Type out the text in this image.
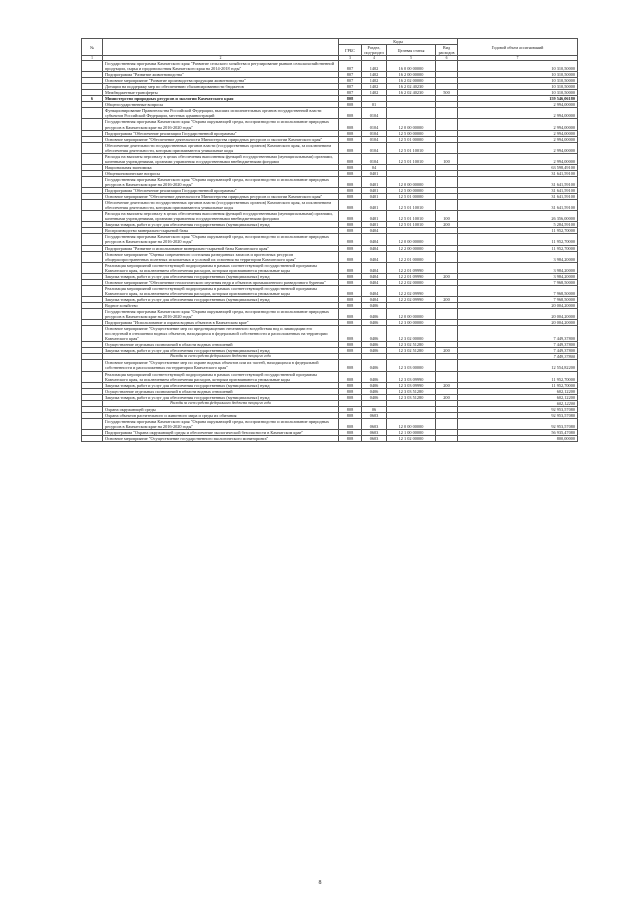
№		Коды				Годовой объем ассигнований
		ГРБС	Раздел, под-раздел	Целевая статья	Вид расходов	
1	2	3	4	5	6	7
	Государственная программа Камчатского края "Развитие сельского хозяйства и регулирование рынков сельскохозяйственной продукции, сырья и продовольствия Камчатского края на 2014-2018 годы"	807	1402	16 0 00 00000		10 310,50000
	Подпрограмма "Развитие животноводства"	807	1402	16 2 00 00000		10 310,50000
	Основное мероприятие "Развитие производства продукции животноводства"	807	1402	16 2 02 00000		10 310,50000
	Дотации на поддержку мер по обеспечению сбалансированности бюджетов	807	1402	16 2 02 40230		10 310,50000
	Межбюджетные трансферты	807	1402	16 2 02 40230	500	10 310,50000
6	Министерство природных ресурсов и экологии Камчатского края	808				159 546,06180
	Общегосударственные вопросы	808	01			2 994,00000
	Функционирование Правительства Российской Федерации, высших исполнительных органов государственной власти субъектов Российской Федерации, местных администраций	808	0104			2 994,00000
	Государственная программа Камчатского края "Охрана окружающей среды, воспроизводство и использование природных ресурсов в Камчатском крае на 2016-2020 годы"	808	0104	12 0 00 00000		2 994,00000
	Подпрограмма "Обеспечение реализации Государственной программы"	808	0104	12 5 00 00000		2 994,00000
	Основное мероприятие "Обеспечение деятельности Министерства природных ресурсов и экологии Камчатского края"	808	0104	12 5 01 00000		2 994,00000
	Обеспечение деятельности государственных органов власти (государственных органов) Камчатского края, за исключением обеспечения деятельности, которым присваиваются уникальные коды	808	0104	12 5 01 10010		2 994,00000
	Расходы на выплаты персоналу в целях обеспечения выполнения функций государственными (муниципальными) органами, казенными учреждениями, органами управления государственными внебюджетными фондами	808	0104	12 5 01 10010	100	2 994,00000
	Национальная экономика	808	04			63 598,49100
	Общеэкономические вопросы	808	0401			31 641,59100
	Государственная программа Камчатского края "Охрана окружающей среды, воспроизводство и использование природных ресурсов в Камчатском крае на 2016-2020 годы"	808	0401	12 0 00 00000		31 641,59100
	Подпрограмма "Обеспечение реализации Государственной программы"	808	0401	12 5 00 00000		31 641,59100
	Основное мероприятие "Обеспечение деятельности Министерства природных ресурсов и экологии Камчатского края"	808	0401	12 5 01 00000		31 641,59100
	Обеспечение деятельности государственных органов власти (государственных органов) Камчатского края, за исключением обеспечения деятельности, которым присваиваются уникальные коды	808	0401	12 5 01 10010		31 641,59100
	Расходы на выплаты персоналу в целях обеспечения выполнения функций государственными (муниципальными) органами, казенными учреждениями, органами управления государственными внебюджетными фондами	808	0401	12 5 01 10010	100	26 356,00000
	Закупка товаров, работ и услуг для обеспечения государственных (муниципальных) нужд	808	0401	12 5 01 10010	200	5 284,59100
	Воспроизводство минерально-сырьевой базы	808	0404			11 952,70000
	Государственная программа Камчатского края "Охрана окружающей среды, воспроизводство и использование природных ресурсов в Камчатском крае на 2016-2020 годы"	808	0404	12 0 00 00000		11 952,70000
	Подпрограмма "Развитие и использование минерально-сырьевой базы Камчатского края"	808	0404	12 2 00 00000		11 952,70000
	Основное мероприятие "Оценка современного состояния разведанных запасов и прогнозных ресурсов общераспространенных полезных ископаемых и условий их освоения на территории Камчатского края"	808	0404	12 2 01 00000		3 984,20000
	Реализация мероприятий соответствующей подпрограммы в рамках соответствующей государственной программы Камчатского края, за исключением обеспечения расходов, которым присваиваются уникальные коды	808	0404	12 2 01 09990		3 984,20000
	Закупка товаров, работ и услуг для обеспечения государственных (муниципальных) нужд	808	0404	12 2 01 09990	200	3 984,20000
	Основное мероприятие "Обеспечение геологического изучения недр и объектов промышленного разведочного бурения"	808	0404	12 2 02 00000		7 968,50000
	Реализация мероприятий соответствующей подпрограммы в рамках соответствующей государственной программы Камчатского края, за исключением обеспечения расходов, которым присваиваются уникальные коды	808	0404	12 2 02 09990		7 968,50000
	Закупка товаров, работ и услуг для обеспечения государственных (муниципальных) нужд	808	0404	12 2 02 09990	200	7 968,50000
	Водное хозяйство	808	0406			20 004,20000
	Государственная программа Камчатского края "Охрана окружающей среды, воспроизводство и использование природных ресурсов в Камчатском крае на 2016-2020 годы"	808	0406	12 0 00 00000		20 004,20000
	Подпрограмма "Использование и охрана водных объектов в Камчатском крае"	808	0406	12 3 00 00000		20 004,20000
	Основное мероприятие "Осуществление мер по предотвращению негативного воздействия вод и ликвидации его последствий в отношении водных объектов, находящихся в федеральной собственности и расположенных на территории Камчатского края"	808	0406	12 3 02 00000		7 449,37800
	Осуществление отдельных полномочий в области водных отношений	808	0406	12 3 02 51280		7 449,37800
	Закупка товаров, работ и услуг для обеспечения государственных (муниципальных) нужд	808	0406	12 3 02 51280	200	7 449,37800
	Расходы за счет средств федерального бюджета текущего года					7 449,37800
	Основное мероприятие "Осуществление мер по охране водных объектов или их частей, находящихся в федеральной собственности и расположенных на территории Камчатского края"	808	0406	12 3 03 00000		12 554,82200
	Реализация мероприятий соответствующей подпрограммы в рамках соответствующей государственной программы Камчатского края, за исключением обеспечения расходов, которым присваиваются уникальные коды	808	0406	12 3 03 09990		11 952,70000
	Закупка товаров, работ и услуг для обеспечения государственных (муниципальных) нужд	808	0406	12 3 03 09990	200	11 952,70000
	Осуществление отдельных полномочий в области водных отношений	808	0406	12 3 03 51280		602,12200
	Закупка товаров, работ и услуг для обеспечения государственных (муниципальных) нужд	808	0406	12 3 03 51280	200	602,12200
	Расходы за счет средств федерального бюджета текущего года					602,12200
	Охрана окружающей среды	808	06			92 953,57080
	Охрана объектов растительного и животного мира и среды их обитания	808	0603			92 953,57080
	Государственная программа Камчатского края "Охрана окружающей среды, воспроизводство и использование природных ресурсов в Камчатском крае на 2016-2020 годы"	808	0603	12 0 00 00000		92 953,57080
	Подпрограмма "Охрана окружающей среды и обеспечение экологической безопасности в Камчатском крае"	808	0603	12 1 00 00000		56 935,47080
	Основное мероприятие "Осуществление государственного экологического мониторинга"	808	0603	12 1 02 00000		800,00000
8
